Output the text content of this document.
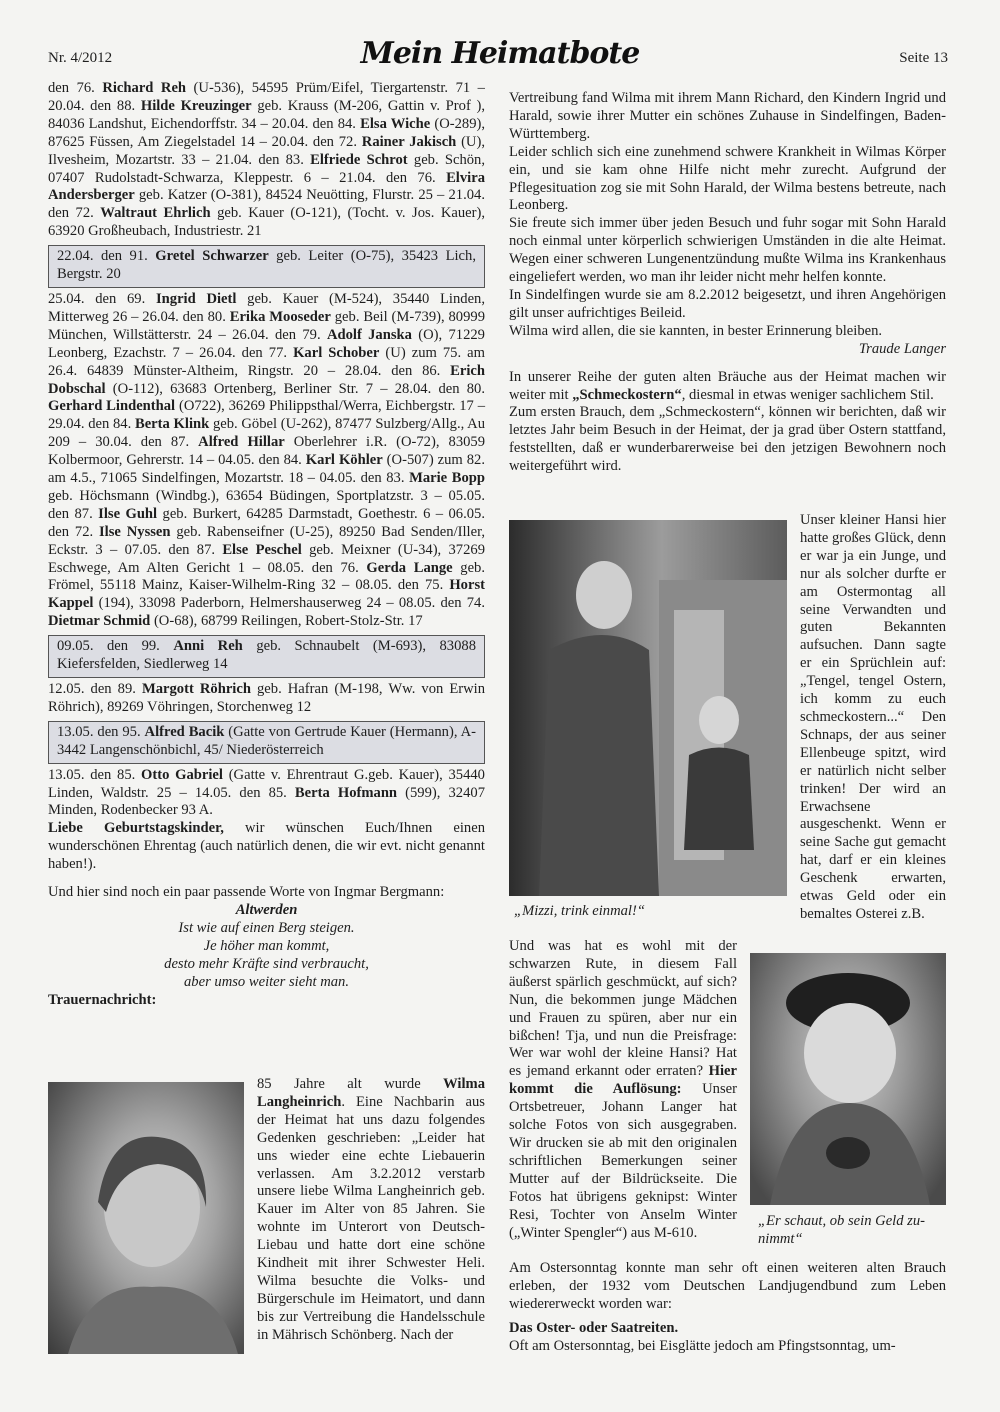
Nr. 4/2012	Mein Heimatbote	Seite 13

den 76. Richard Reh (U-536), 54595 Prüm/Eifel, Tiergartenstr. 71 – 20.04. den 88. Hilde Kreuzinger geb. Krauss (M-206, Gattin v. Prof ), 84036 Landshut, Eichendorffstr. 34 – 20.04. den 84. Elsa Wiche (O-289), 87625 Füssen, Am Ziegelstadel 14 – 20.04. den 72. Rainer Jakisch (U), Ilvesheim, Mozartstr. 33 – 21.04. den 83. Elfriede Schrot geb. Schön, 07407 Rudolstadt-Schwarza, Kleppestr. 6 – 21.04. den 76. Elvira Andersberger geb. Katzer (O-381), 84524 Neuötting, Flurstr. 25 – 21.04. den 72. Waltraut Ehrlich geb. Kauer (O-121), (Tocht. v. Jos. Kauer), 63920 Großheubach, Industriestr. 21

22.04. den 91. Gretel Schwarzer geb. Leiter (O-75), 35423 Lich, Bergstr. 20

25.04. den 69. Ingrid Dietl geb. Kauer (M-524), 35440 Linden, Mitterweg 26 – 26.04. den 80. Erika Mooseder geb. Beil (M-739), 80999 München, Willstätterstr. 24 – 26.04. den 79. Adolf Janska (O), 71229 Leonberg, Ezachstr. 7 – 26.04. den 77. Karl Schober (U) zum 75. am 26.4. 64839 Münster-Altheim, Ringstr. 20 – 28.04. den 86. Erich Dobschal (O-112), 63683 Ortenberg, Berliner Str. 7 – 28.04. den 80. Gerhard Lindenthal (O722), 36269 Philippsthal/Werra, Eichbergstr. 17 – 29.04. den 84. Berta Klink geb. Göbel (U-262), 87477 Sulzberg/Allg., Au 209 – 30.04. den 87. Alfred Hillar Oberlehrer i.R. (O-72), 83059 Kolbermoor, Gehrerstr. 14 – 04.05. den 84. Karl Köhler (O-507) zum 82. am 4.5., 71065 Sindelfingen, Mozartstr. 18 – 04.05. den 83. Marie Bopp geb. Höchsmann (Windbg.), 63654 Büdingen, Sportplatzstr. 3 – 05.05. den 87. Ilse Guhl geb. Burkert, 64285 Darmstadt, Goethestr. 6 – 06.05. den 72. Ilse Nyssen geb. Rabenseifner (U-25), 89250 Bad Senden/Iller, Eckstr. 3 – 07.05. den 87. Else Peschel geb. Meixner (U-34), 37269 Eschwege, Am Alten Gericht 1 – 08.05. den 76. Gerda Lange geb. Frömel, 55118 Mainz, Kaiser-Wilhelm-Ring 32 – 08.05. den 75. Horst Kappel (194), 33098 Paderborn, Helmershauserweg 24 – 08.05. den 74. Dietmar Schmid (O-68), 68799 Reilingen, Robert-Stolz-Str. 17

09.05. den 99. Anni Reh geb. Schnaubelt (M-693), 83088 Kiefersfelden, Siedlerweg 14

12.05. den 89. Margott Röhrich geb. Hafran (M-198, Ww. von Erwin Röhrich), 89269 Vöhringen, Storchenweg 12

13.05. den 95. Alfred Bacik (Gatte von Gertrude Kauer (Hermann), A-3442 Langenschönbichl, 45/ Niederösterreich

13.05. den 85. Otto Gabriel (Gatte v. Ehrentraut G.geb. Kauer), 35440 Linden, Waldstr. 25 – 14.05. den 85. Berta Hofmann (599), 32407 Minden, Rodenbecker 93 A.

Liebe Geburtstagskinder, wir wünschen Euch/Ihnen einen wunderschönen Ehrentag (auch natürlich denen, die wir evt. nicht genannt haben!).

Und hier sind noch ein paar passende Worte von Ingmar Bergmann:

Altwerden

Ist wie auf einen Berg steigen.

Je höher man kommt,

desto mehr Kräfte sind verbraucht,

aber umso weiter sieht man.

Trauernachricht:

85 Jahre alt wurde Wilma Langheinrich. Eine Nachbarin aus der Heimat hat uns dazu folgendes Gedenken geschrieben: „Leider hat uns wieder eine echte Liebauerin verlassen. Am 3.2.2012 verstarb unsere liebe Wilma Langheinrich geb. Kauer im Alter von 85 Jahren. Sie wohnte im Unterort von Deutsch-Liebau und hatte dort eine schöne Kindheit mit ihrer Schwester Heli. Wilma besuchte die Volks- und Bürgerschule im Heimatort, und dann bis zur Vertreibung die Handelsschule in Mährisch Schönberg. Nach der

Vertreibung fand Wilma mit ihrem Mann Richard, den Kindern Ingrid und Harald, sowie ihrer Mutter ein schönes Zuhause in Sindelfingen, Baden-Württemberg.

Leider schlich sich eine zunehmend schwere Krankheit in Wilmas Körper ein, und sie kam ohne Hilfe nicht mehr zurecht. Aufgrund der Pflegesituation zog sie mit Sohn Harald, der Wilma bestens betreute, nach Leonberg.

Sie freute sich immer über jeden Besuch und fuhr sogar mit Sohn Harald noch einmal unter körperlich schwierigen Umständen in die alte Heimat. Wegen einer schweren Lungenentzündung mußte Wilma ins Krankenhaus eingeliefert werden, wo man ihr leider nicht mehr helfen konnte.

In Sindelfingen wurde sie am 8.2.2012 beigesetzt, und ihren Angehörigen gilt unser aufrichtiges Beileid.

Wilma wird allen, die sie kannten, in bester Erinnerung bleiben.

Traude Langer

In unserer Reihe der guten alten Bräuche aus der Heimat machen wir weiter mit „Schmeckostern“, diesmal in etwas weniger sachlichem Stil.

Zum ersten Brauch, dem „Schmeckostern“, können wir berichten, daß wir letztes Jahr beim Besuch in der Heimat, der ja grad über Ostern stattfand, feststellten, daß er wunderbarerweise bei den jetzigen Bewohnern noch weitergeführt wird.

„Mizzi, trink einmal!“
Unser kleiner Hansi hier hatte großes Glück, denn er war ja ein Junge, und nur als solcher durfte er am Ostermontag all seine Verwandten und guten Bekannten aufsuchen. Dann sagte er ein Sprüchlein auf: „Tengel, tengel Ostern, ich komm zu euch schmeckostern...“ Den Schnaps, der aus seiner Ellenbeuge spitzt, wird er natürlich nicht selber trinken! Der wird an Erwachsene ausgeschenkt. Wenn er seine Sache gut gemacht hat, darf er ein kleines Geschenk erwarten, etwas Geld oder ein bemaltes Osterei z.B.
Und was hat es wohl mit der schwarzen Rute, in diesem Fall äußerst spärlich geschmückt, auf sich? Nun, die bekommen junge Mädchen und Frauen zu spüren, aber nur ein bißchen! Tja, und nun die Preisfrage: Wer war wohl der kleine Hansi? Hat es jemand erkannt oder erraten? Hier kommt die Auflösung: Unser Ortsbetreuer, Johann Langer hat solche Fotos von sich ausgegraben. Wir drucken sie ab mit den originalen schriftlichen Bemerkungen seiner Mutter auf der Bildrückseite. Die Fotos hat übrigens geknipst: Winter Resi, Tochter von Anselm Winter („Winter Spengler“) aus M-610.
„Er schaut, ob sein Geld zu-nimmt“

Am Ostersonntag konnte man sehr oft einen weiteren alten Brauch erleben, der 1932 vom Deutschen Landjugendbund zum Leben wiedererweckt worden war:

Das Oster- oder Saatreiten.

Oft am Ostersonntag, bei Eisglätte jedoch am Pfingstsonntag, um-
